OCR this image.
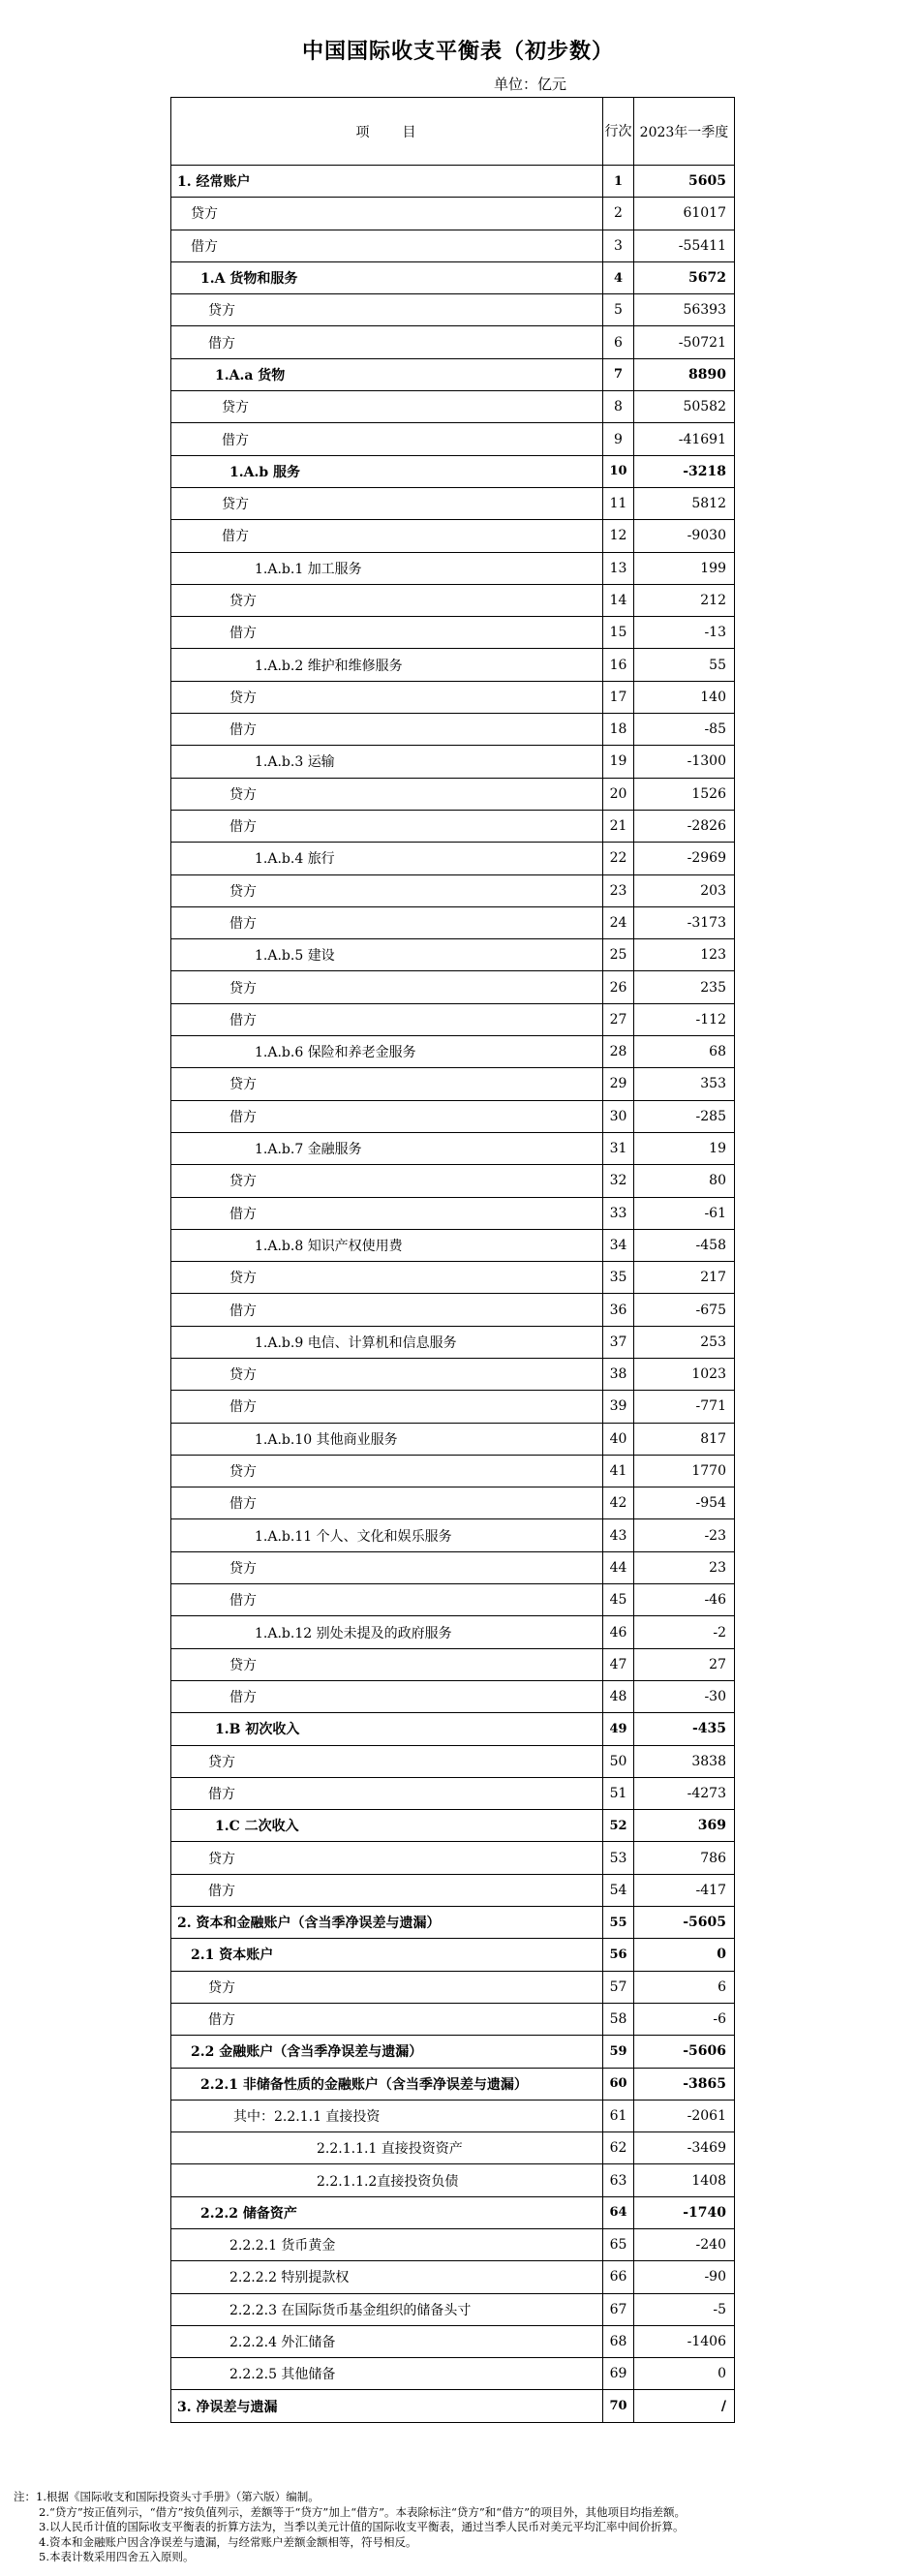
中国国际收支平衡表（初步数）
单位：亿元
项　　目	行次	2023年一季度
1. 经常账户	1	5605
贷方	2	61017
借方	3	-55411
1.A 货物和服务	4	5672
贷方	5	56393
借方	6	-50721
1.A.a 货物	7	8890
贷方	8	50582
借方	9	-41691
1.A.b 服务	10	-3218
贷方	11	5812
借方	12	-9030
1.A.b.1 加工服务	13	199
贷方	14	212
借方	15	-13
1.A.b.2 维护和维修服务	16	55
贷方	17	140
借方	18	-85
1.A.b.3 运输	19	-1300
贷方	20	1526
借方	21	-2826
1.A.b.4 旅行	22	-2969
贷方	23	203
借方	24	-3173
1.A.b.5 建设	25	123
贷方	26	235
借方	27	-112
1.A.b.6 保险和养老金服务	28	68
贷方	29	353
借方	30	-285
1.A.b.7 金融服务	31	19
贷方	32	80
借方	33	-61
1.A.b.8 知识产权使用费	34	-458
贷方	35	217
借方	36	-675
1.A.b.9 电信、计算机和信息服务	37	253
贷方	38	1023
借方	39	-771
1.A.b.10 其他商业服务	40	817
贷方	41	1770
借方	42	-954
1.A.b.11 个人、文化和娱乐服务	43	-23
贷方	44	23
借方	45	-46
1.A.b.12 别处未提及的政府服务	46	-2
贷方	47	27
借方	48	-30
1.B 初次收入	49	-435
贷方	50	3838
借方	51	-4273
1.C 二次收入	52	369
贷方	53	786
借方	54	-417
2. 资本和金融账户（含当季净误差与遗漏）	55	-5605
2.1 资本账户	56	0
贷方	57	6
借方	58	-6
2.2 金融账户（含当季净误差与遗漏）	59	-5606
2.2.1 非储备性质的金融账户（含当季净误差与遗漏）	60	-3865
其中：2.2.1.1 直接投资	61	-2061
2.2.1.1.1 直接投资资产	62	-3469
2.2.1.1.2直接投资负债	63	1408
2.2.2 储备资产	64	-1740
2.2.2.1 货币黄金	65	-240
2.2.2.2 特别提款权	66	-90
2.2.2.3 在国际货币基金组织的储备头寸	67	-5
2.2.2.4 外汇储备	68	-1406
2.2.2.5 其他储备	69	0
3. 净误差与遗漏	70	/
注：1.根据《国际收支和国际投资头寸手册》（第六版）编制。
2.“贷方”按正值列示，“借方”按负值列示，差额等于“贷方”加上“借方”。本表除标注“贷方”和“借方”的项目外，其他项目均指差额。
3.以人民币计值的国际收支平衡表的折算方法为，当季以美元计值的国际收支平衡表，通过当季人民币对美元平均汇率中间价折算。
4.资本和金融账户因含净误差与遗漏，与经常账户差额金额相等，符号相反。
5.本表计数采用四舍五入原则。
